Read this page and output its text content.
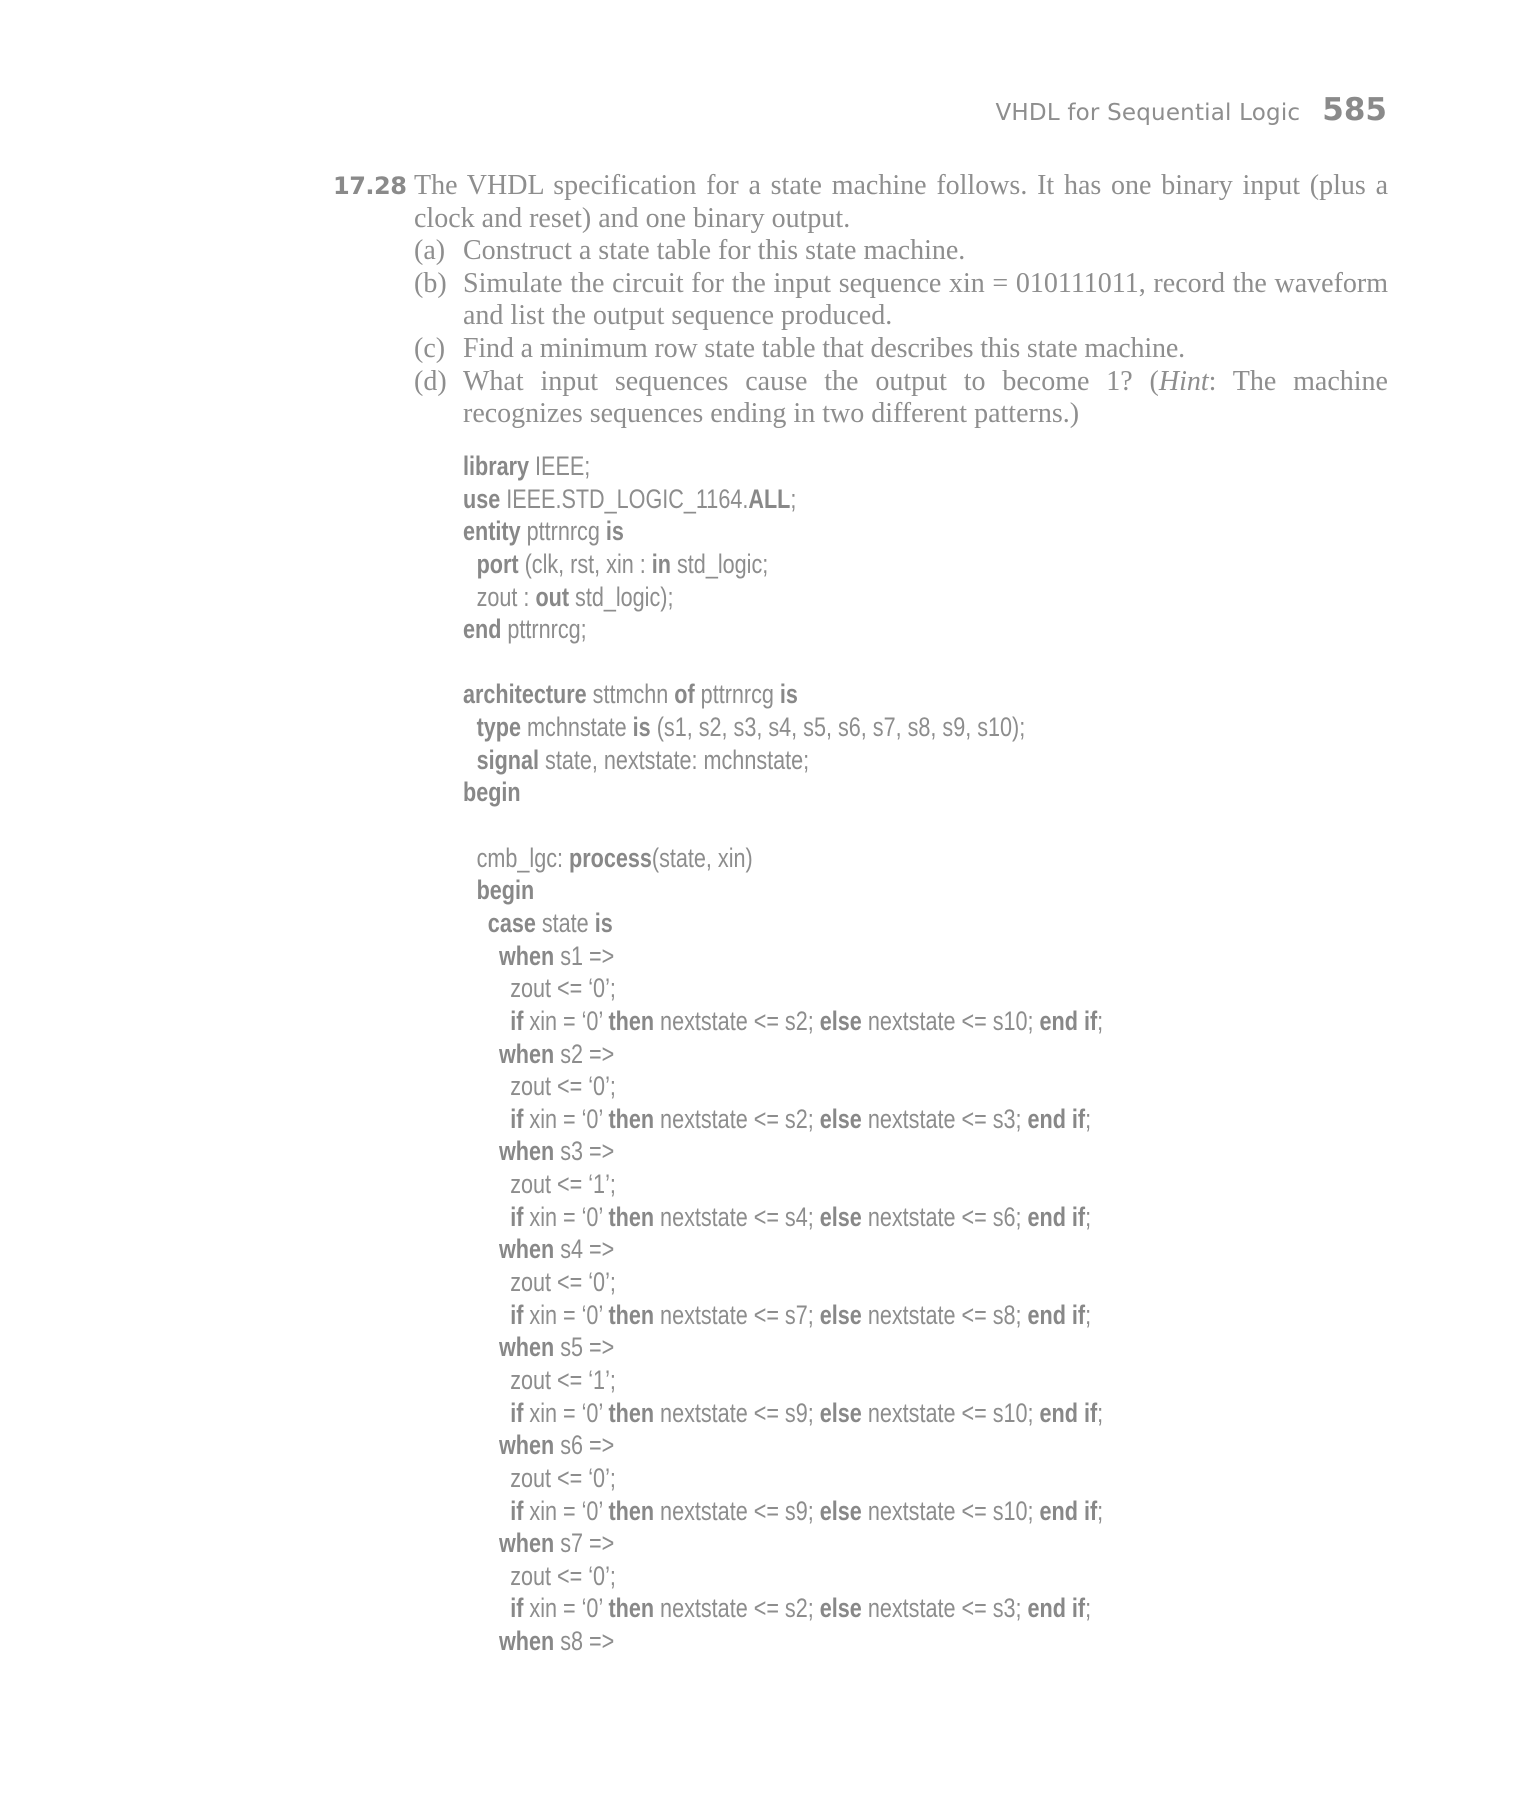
VHDL for Sequential Logic 585
17.28 The VHDL specification for a state machine follows. It has one binary input (plus a clock and reset) and one binary output.
(a) Construct a state table for this state machine.
(b) Simulate the circuit for the input sequence xin = 010111011, record the waveform and list the output sequence produced.
(c) Find a minimum row state table that describes this state machine.
(d) What input sequences cause the output to become 1? (Hint: The machine recognizes sequences ending in two different patterns.)
library IEEE;
use IEEE.STD_LOGIC_1164.ALL;
entity pttrnrcg is
port (clk, rst, xin : in std_logic;
zout : out std_logic);
end pttrnrcg;

architecture sttmchn of pttrnrcg is
type mchnstate is (s1, s2, s3, s4, s5, s6, s7, s8, s9, s10);
signal state, nextstate: mchnstate;
begin

cmb_lgc: process(state, xin)
begin
case state is
when s1 =>
zout <= ‘0’;
if xin = ‘0’ then nextstate <= s2; else nextstate <= s10; end if;
when s2 =>
zout <= ‘0’;
if xin = ‘0’ then nextstate <= s2; else nextstate <= s3; end if;
when s3 =>
zout <= ‘1’;
if xin = ‘0’ then nextstate <= s4; else nextstate <= s6; end if;
when s4 =>
zout <= ‘0’;
if xin = ‘0’ then nextstate <= s7; else nextstate <= s8; end if;
when s5 =>
zout <= ‘1’;
if xin = ‘0’ then nextstate <= s9; else nextstate <= s10; end if;
when s6 =>
zout <= ‘0’;
if xin = ‘0’ then nextstate <= s9; else nextstate <= s10; end if;
when s7 =>
zout <= ‘0’;
if xin = ‘0’ then nextstate <= s2; else nextstate <= s3; end if;
when s8 =>
